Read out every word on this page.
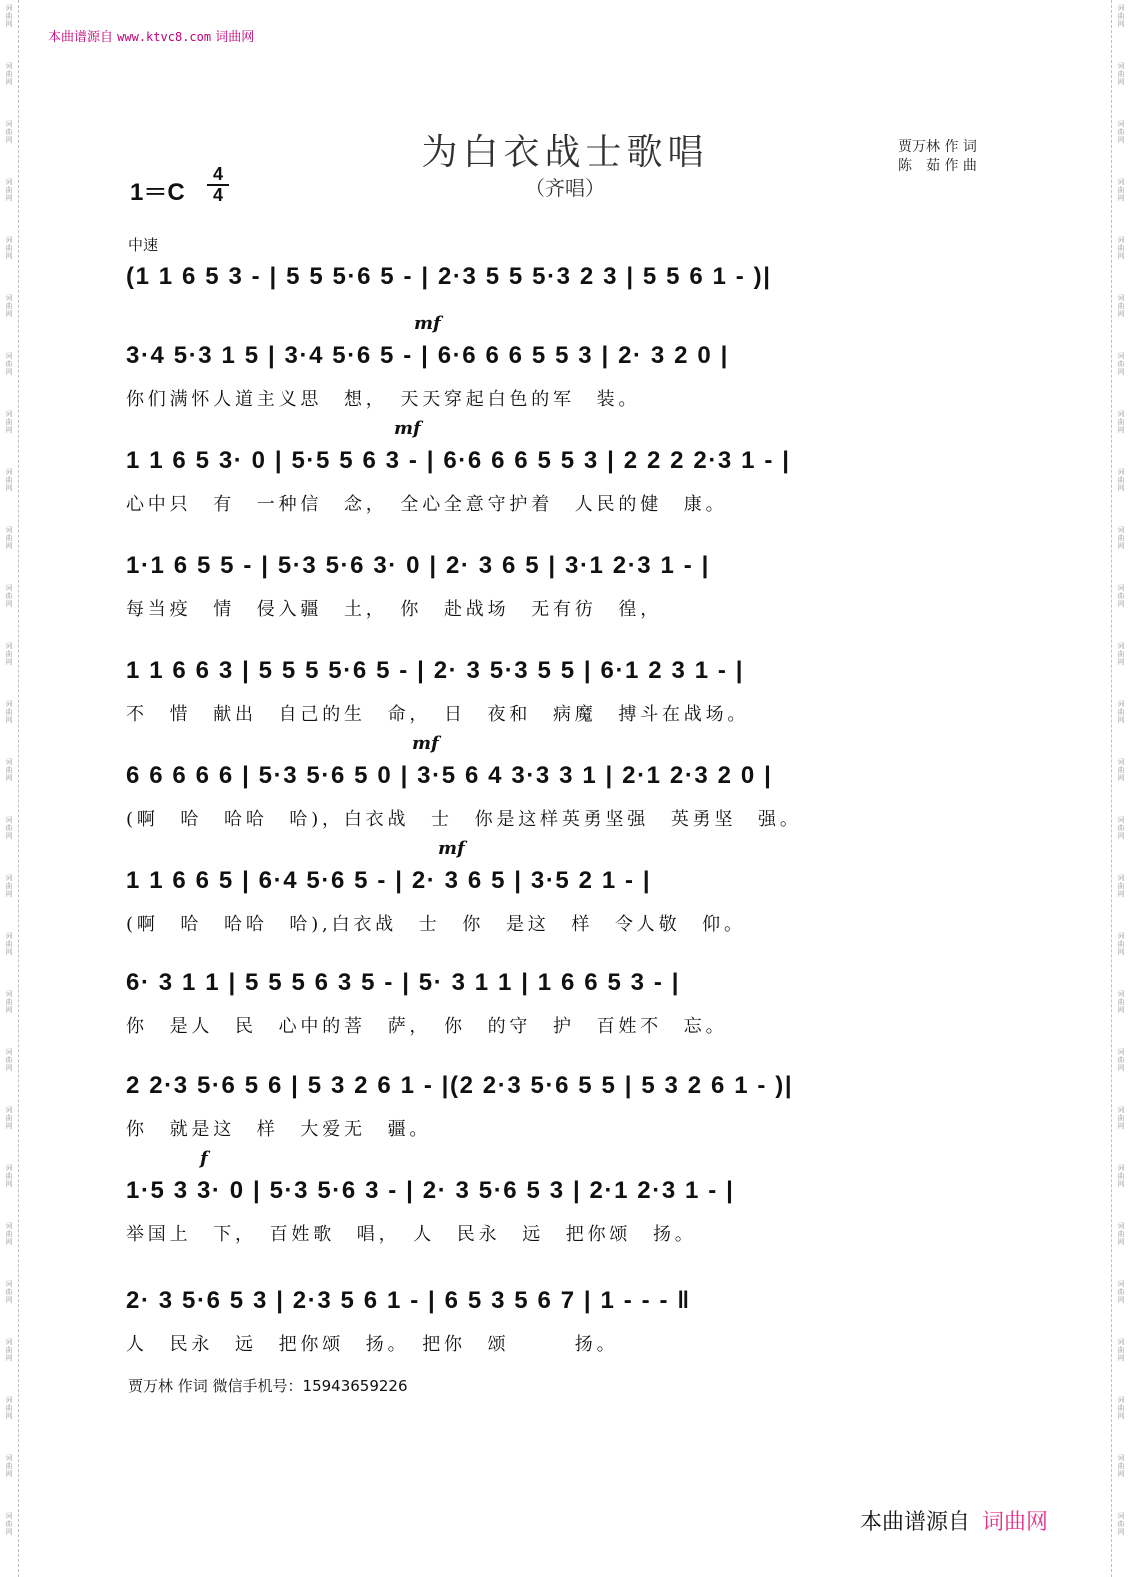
词
曲
网
词
曲
网
词
曲
网
词
曲
网
词
曲
网
词
曲
网
词
曲
网
词
曲
网
词
曲
网
词
曲
网
词
曲
网
词
曲
网
词
曲
网
词
曲
网
词
曲
网
词
曲
网
词
曲
网
词
曲
网
词
曲
网
词
曲
网
词
曲
网
词
曲
网
词
曲
网
词
曲
网
词
曲
网
词
曲
网
词
曲
网
词
曲
网
词
曲
网
词
曲
网
词
曲
网
词
曲
网
词
曲
网
词
曲
网
词
曲
网
词
曲
网
词
曲
网
词
曲
网
词
曲
网
词
曲
网
词
曲
网
词
曲
网
词
曲
网
词
曲
网
词
曲
网
词
曲
网
词
曲
网
词
曲
网
词
曲
网
词
曲
网
词
曲
网
词
曲
网
词
曲
网
词
曲
网
本曲谱源自 www.ktvc8.com 词曲网
为白衣战士歌唱
（齐唱）
贾万林 作 词
陈　茹 作 曲
1＝C
4
4
中速
(1 1 6 5 3 - | 5 5 5·6 5 - | 2·3 5 5 5·3 2 3 | 5 5 6 1 - )|
3·4 5·3 1 5 | 3·4 5·6 5 - | 6·6 6 6 5 5 3 | 2· 3 2 0 |
你们满怀人道主义思　想，　天天穿起白色的军　装。
mf
1 1 6 5 3· 0 | 5·5 5 6 3 - | 6·6 6 6 5 5 3 | 2 2 2 2·3 1 - |
心中只　有　一种信　念，　全心全意守护着　人民的健　康。
mf
1·1 6 5 5 - | 5·3 5·6 3· 0 | 2· 3 6 5 | 3·1 2·3 1 - |
每当疫　情　侵入疆　土，　你　赴战场　无有彷　徨，
1 1 6 6 3 | 5 5 5 5·6 5 - | 2· 3 5·3 5 5 | 6·1 2 3 1 - |
不　惜　献出　自己的生　命，　日　夜和　病魔　搏斗在战场。
6 6 6 6 6 | 5·3 5·6 5 0 | 3·5 6 4 3·3 3 1 | 2·1 2·3 2 0 |
(啊　哈　哈哈　哈)，白衣战　士　你是这样英勇坚强　英勇坚　强。
mf
1 1 6 6 5 | 6·4 5·6 5 - | 2· 3 6 5 | 3·5 2 1 - |
(啊　哈　哈哈　哈),白衣战　士　你　是这　样　令人敬　仰。
mf
6· 3 1 1 | 5 5 5 6 3 5 - | 5· 3 1 1 | 1 6 6 5 3 - |
你　是人　民　心中的菩　萨，　你　的守　护　百姓不　忘。
2 2·3 5·6 5 6 | 5 3 2 6 1 - |(2 2·3 5·6 5 5 | 5 3 2 6 1 - )|
你　就是这　样　大爱无　疆。
1·5 3 3· 0 | 5·3 5·6 3 - | 2· 3 5·6 5 3 | 2·1 2·3 1 - |
举国上　下，　百姓歌　唱，　人　民永　远　把你颂　扬。
f
2· 3 5·6 5 3 | 2·3 5 6 1 - | 6 5 3 5 6 7 | 1 - - - ‖
人　民永　远　把你颂　扬。　把你　颂　　　扬。
贾万林 作词 微信手机号：15943659226
本曲谱源自 词曲网
